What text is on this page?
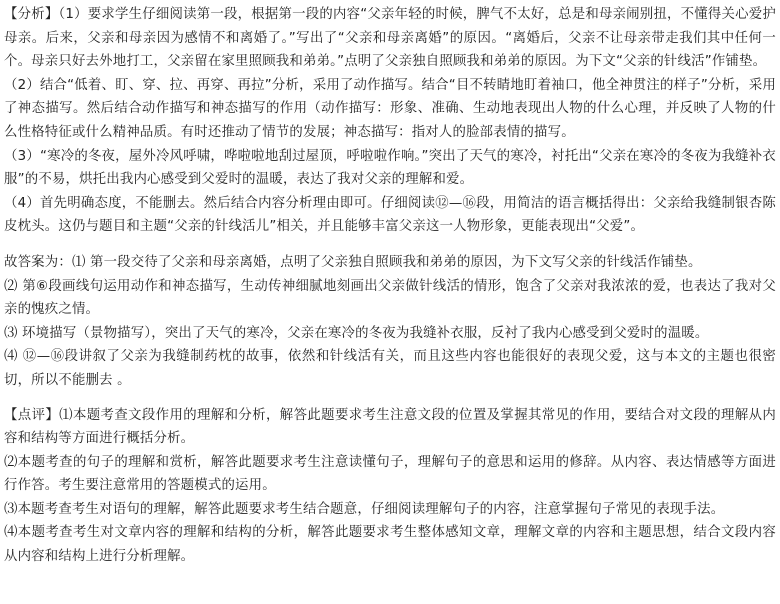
【分析】（1）要求学生仔细阅读第一段，根据第一段的内容“父亲年轻的时候，脾气不太好，总是和母亲闹别扭，不懂得关心爱护母亲。后来，父亲和母亲因为感情不和离婚了。”写出了“父亲和母亲离婚”的原因。“离婚后，父亲不让母亲带走我们其中任何一个。母亲只好去外地打工，父亲留在家里照顾我和弟弟。”点明了父亲独自照顾我和弟弟的原因。为下文“父亲的针线活”作铺垫。

（2）结合“低着、盯、穿、拉、再穿、再拉”分析，采用了动作描写。结合“目不转睛地盯着袖口，他全神贯注的样子”分析，采用了神态描写。然后结合动作描写和神态描写的作用（动作描写：形象、准确、生动地表现出人物的什么心理，并反映了人物的什么性格特征或什么精神品质。有时还推动了情节的发展；神态描写：指对人的脸部表情的描写。

（3）“寒冷的冬夜，屋外冷风呼啸，哗啦啦地刮过屋顶，呼啦啦作响。”突出了天气的寒冷，衬托出“父亲在寒冷的冬夜为我缝补衣服”的不易，烘托出我内心感受到父爱时的温暖，表达了我对父亲的理解和爱。

（4）首先明确态度，不能删去。然后结合内容分析理由即可。仔细阅读⑫—⑯段，用简洁的语言概括得出：父亲给我缝制银杏陈皮枕头。这仍与题目和主题“父亲的针线活儿”相关，并且能够丰富父亲这一人物形象，更能表现出“父爱”。

故答案为：⑴ 第一段交待了父亲和母亲离婚，点明了父亲独自照顾我和弟弟的原因，为下文写父亲的针线活作铺垫。

⑵ 第⑥段画线句运用动作和神态描写，生动传神细腻地刻画出父亲做针线活的情形，饱含了父亲对我浓浓的爱，也表达了我对父亲的愧疚之情。

⑶ 环境描写（景物描写），突出了天气的寒冷，父亲在寒冷的冬夜为我缝补衣服，反衬了我内心感受到父爱时的温暖。

⑷ ⑫—⑯段讲叙了父亲为我缝制药枕的故事，依然和针线活有关，而且这些内容也能很好的表现父爱，这与本文的主题也很密切，所以不能删去 。

【点评】⑴本题考查文段作用的理解和分析，解答此题要求考生注意文段的位置及掌握其常见的作用，要结合对文段的理解从内容和结构等方面进行概括分析。

⑵本题考查的句子的理解和赏析，解答此题要求考生注意读懂句子，理解句子的意思和运用的修辞。从内容、表达情感等方面进行作答。考生要注意常用的答题模式的运用。

⑶本题考查考生对语句的理解，解答此题要求考生结合题意，仔细阅读理解句子的内容，注意掌握句子常见的表现手法。

⑷本题考查考生对文章内容的理解和结构的分析，解答此题要求考生整体感知文章，理解文章的内容和主题思想，结合文段内容从内容和结构上进行分析理解。
